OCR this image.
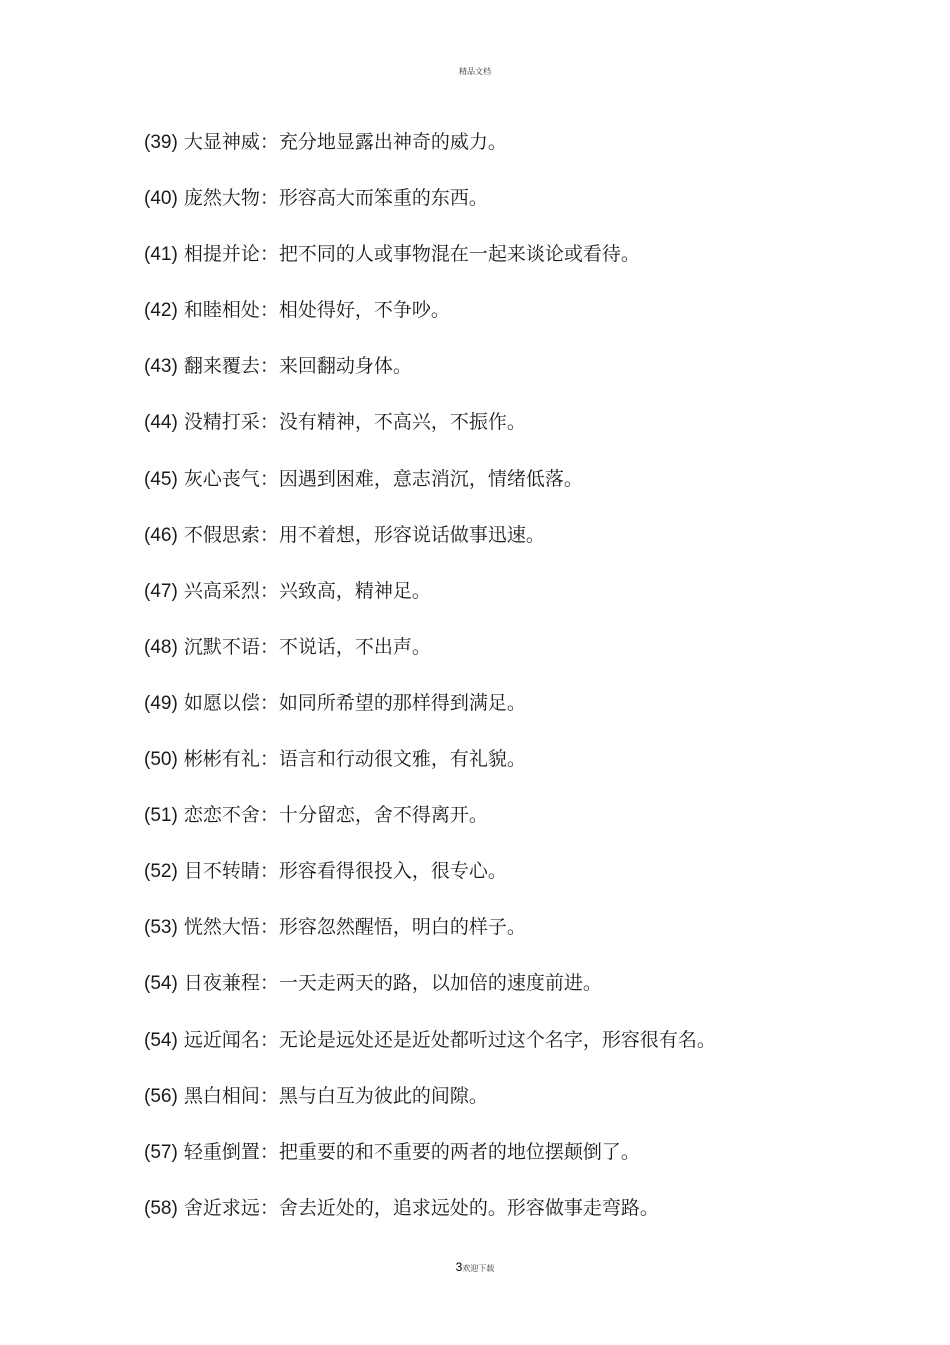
精品文档
(39) 大显神威：充分地显露出神奇的威力。
(40) 庞然大物：形容高大而笨重的东西。
(41) 相提并论：把不同的人或事物混在一起来谈论或看待。
(42) 和睦相处：相处得好，不争吵。
(43) 翻来覆去：来回翻动身体。
(44) 没精打采：没有精神，不高兴，不振作。
(45) 灰心丧气：因遇到困难，意志消沉，情绪低落。
(46) 不假思索：用不着想，形容说话做事迅速。
(47) 兴高采烈：兴致高，精神足。
(48) 沉默不语：不说话，不出声。
(49) 如愿以偿：如同所希望的那样得到满足。
(50) 彬彬有礼：语言和行动很文雅，有礼貌。
(51) 恋恋不舍：十分留恋，舍不得离开。
(52) 目不转睛：形容看得很投入，很专心。
(53) 恍然大悟：形容忽然醒悟，明白的样子。
(54) 日夜兼程：一天走两天的路，以加倍的速度前进。
(54) 远近闻名：无论是远处还是近处都听过这个名字，形容很有名。
(56) 黑白相间：黑与白互为彼此的间隙。
(57) 轻重倒置：把重要的和不重要的两者的地位摆颠倒了。
(58) 舍近求远：舍去近处的，追求远处的。形容做事走弯路。
3欢迎下载
